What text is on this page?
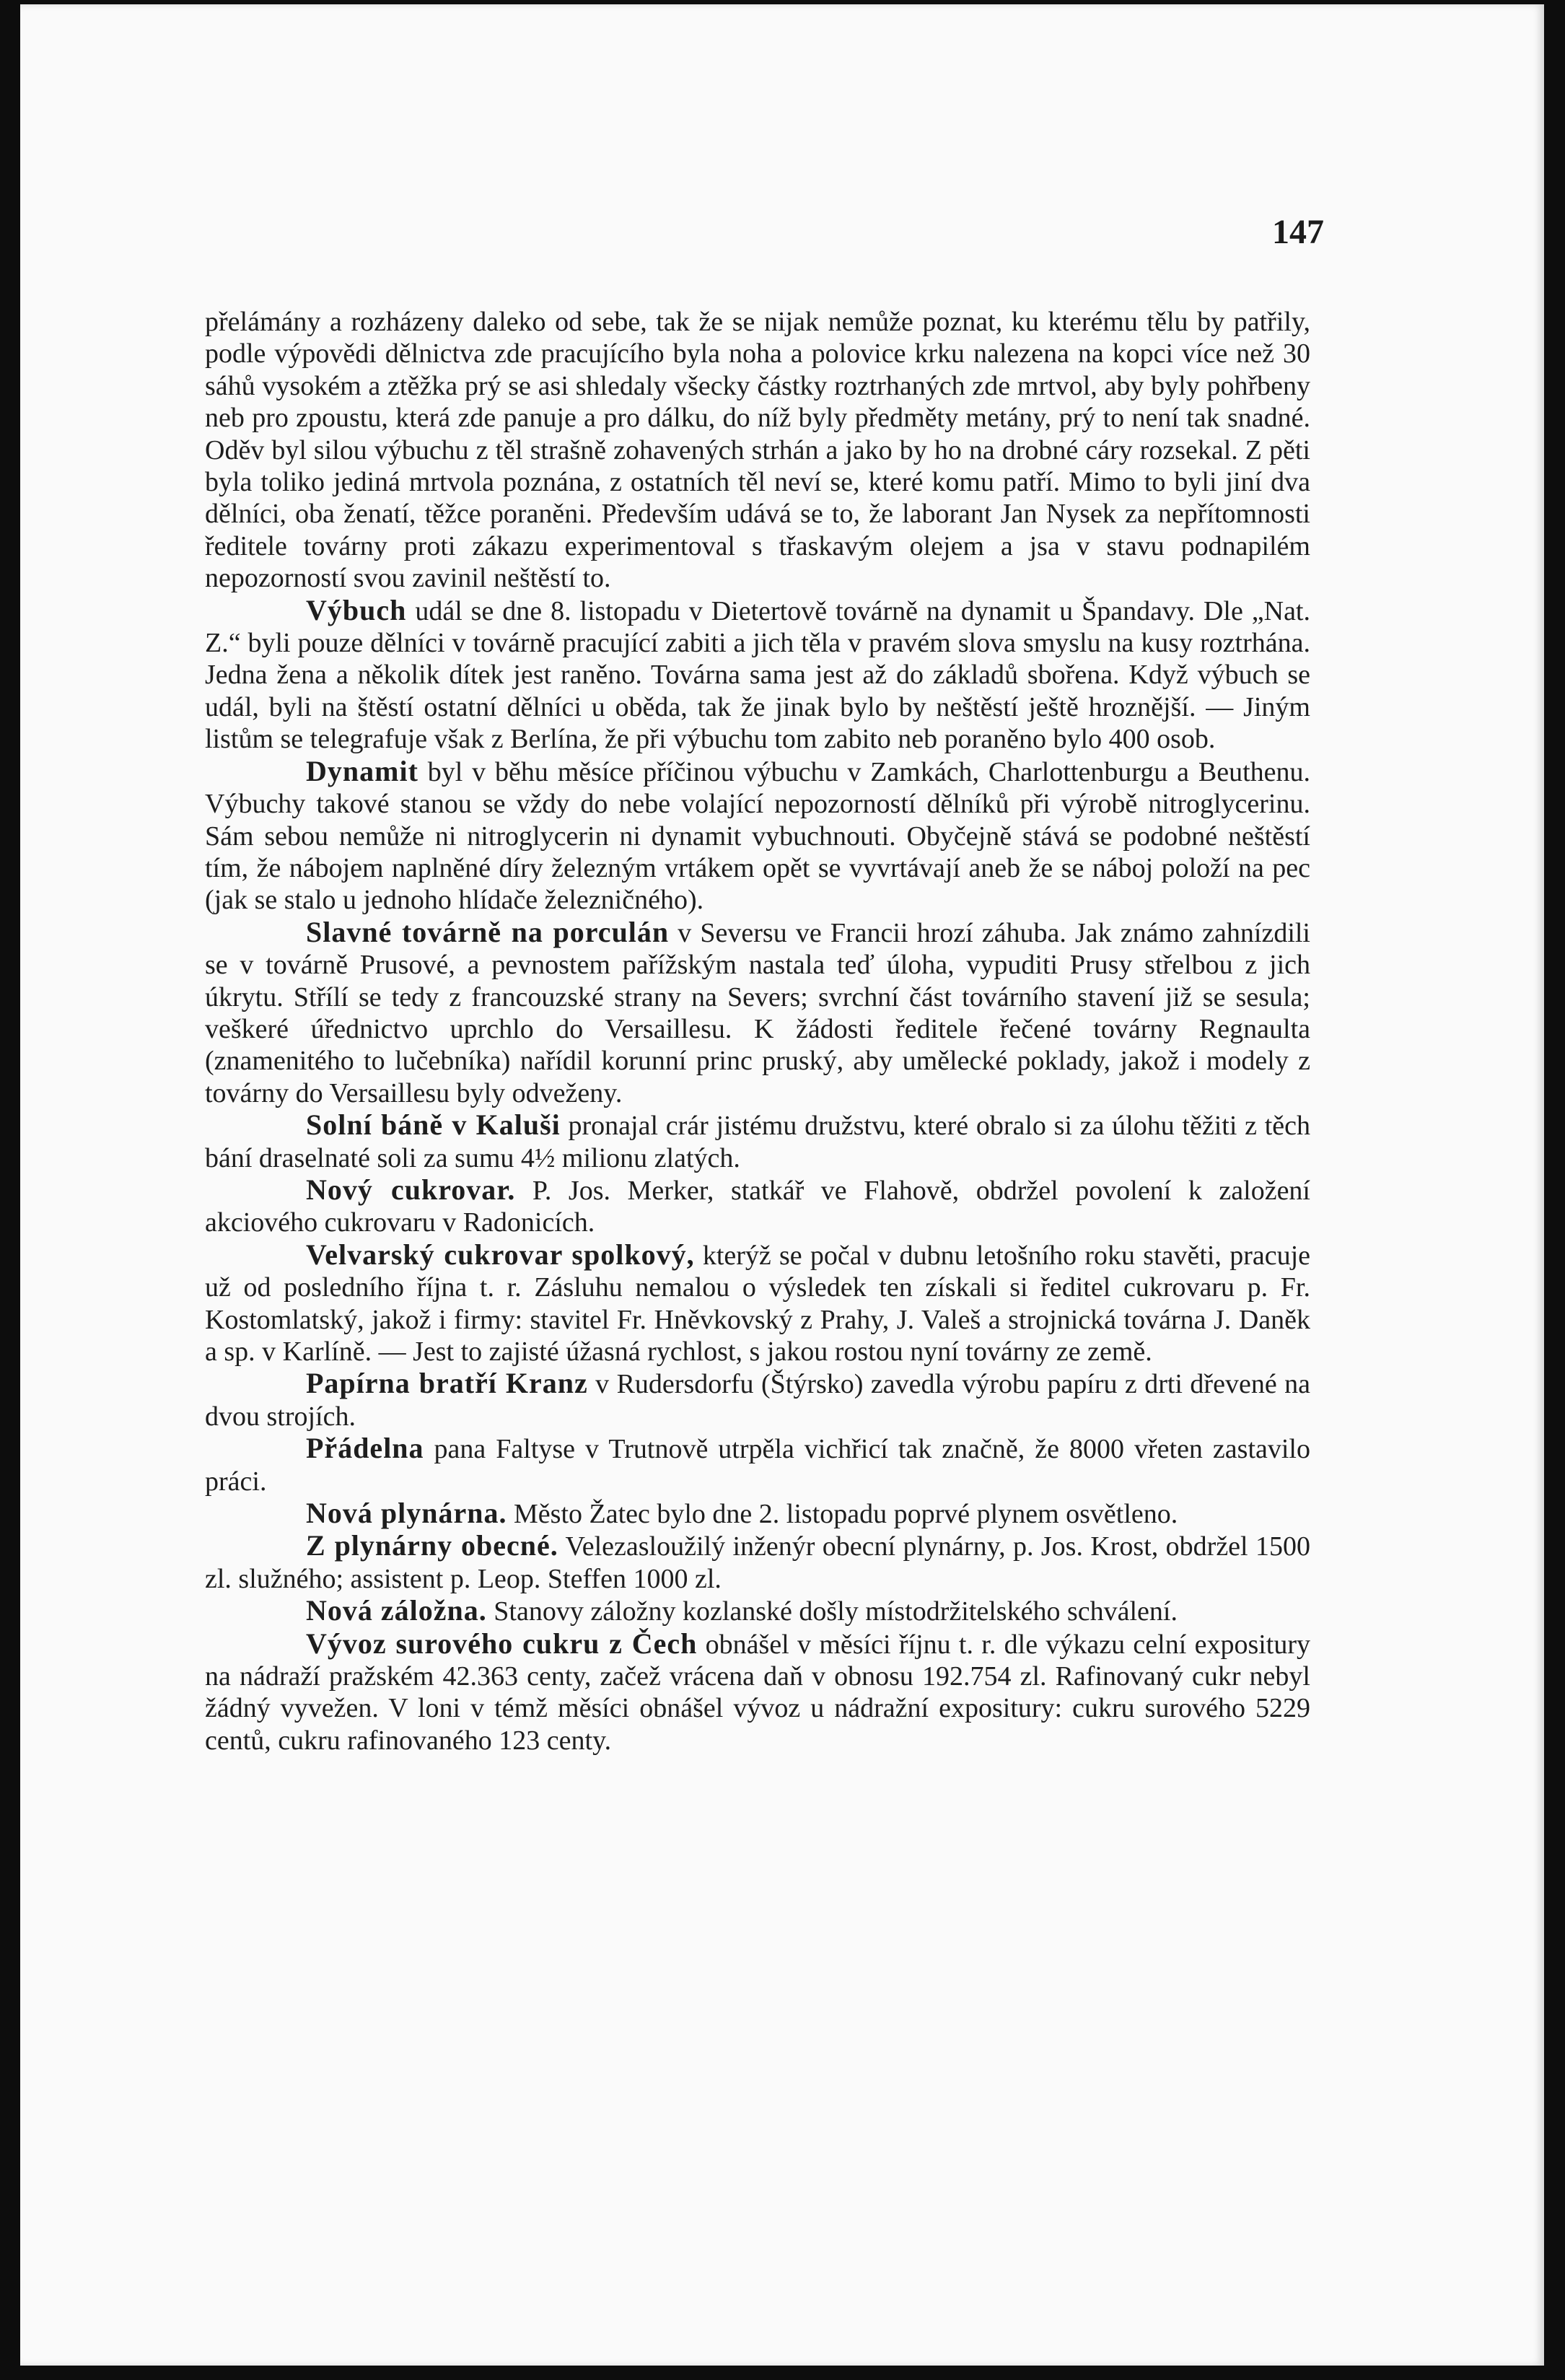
147

přelámány a rozházeny daleko od sebe, tak že se nijak nemůže poznat, ku kterému tělu by patřily, podle výpovědi dělnictva zde pracujícího byla noha a polovice krku nalezena na kopci více než 30 sáhů vysokém a ztěžka prý se asi shledaly všecky částky roztrhaných zde mrtvol, aby byly pohřbeny neb pro zpoustu, která zde panuje a pro dálku, do níž byly předměty metány, prý to není tak snadné. Oděv byl silou výbuchu z těl strašně zohavených strhán a jako by ho na drobné cáry rozsekal. Z pěti byla toliko jediná mrtvola poznána, z ostatních těl neví se, které komu patří. Mimo to byli jiní dva dělníci, oba ženatí, těžce poraněni. Především udává se to, že laborant Jan Nysek za nepřítomnosti ředitele továrny proti zákazu experimentoval s třaskavým olejem a jsa v stavu podnapilém nepozorností svou zavinil neštěstí to.

Výbuch udál se dne 8. listopadu v Dietertově továrně na dynamit u Špandavy. Dle „Nat. Z.“ byli pouze dělníci v továrně pracující zabiti a jich těla v pravém slova smyslu na kusy roztrhána. Jedna žena a několik dítek jest raněno. Továrna sama jest až do základů sbořena. Když výbuch se udál, byli na štěstí ostatní dělníci u oběda, tak že jinak bylo by neštěstí ještě hroznější. — Jiným listům se telegrafuje však z Berlína, že při výbuchu tom zabito neb poraněno bylo 400 osob.

Dynamit byl v běhu měsíce příčinou výbuchu v Zamkách, Charlottenburgu a Beuthenu. Výbuchy takové stanou se vždy do nebe volající nepozorností dělníků při výrobě nitroglycerinu. Sám sebou nemůže ni nitroglycerin ni dynamit vybuchnouti. Obyčejně stává se podobné neštěstí tím, že nábojem naplněné díry železným vrtákem opět se vyvrtávají aneb že se náboj položí na pec (jak se stalo u jednoho hlídače železničného).

Slavné továrně na porculán v Seversu ve Francii hrozí záhuba. Jak známo zahnízdili se v továrně Prusové, a pevnostem pařížským nastala teď úloha, vypuditi Prusy střelbou z jich úkrytu. Střílí se tedy z francouzské strany na Severs; svrchní část továrního stavení již se sesula; veškeré úřednictvo uprchlo do Versaillesu. K žádosti ředitele řečené továrny Regnaulta (znamenitého to lučebníka) nařídil korunní princ pruský, aby umělecké poklady, jakož i modely z továrny do Versaillesu byly odveženy.

Solní báně v Kaluši pronajal crár jistému družstvu, které obralo si za úlohu těžiti z těch bání draselnaté soli za sumu 4½ milionu zlatých.

Nový cukrovar. P. Jos. Merker, statkář ve Flahově, obdržel povolení k založení akciového cukrovaru v Radonicích.

Velvarský cukrovar spolkový, kterýž se počal v dubnu letošního roku stavěti, pracuje už od posledního října t. r. Zásluhu nemalou o výsledek ten získali si ředitel cukrovaru p. Fr. Kostomlatský, jakož i firmy: stavitel Fr. Hněvkovský z Prahy, J. Valeš a strojnická továrna J. Daněk a sp. v Karlíně. — Jest to zajisté úžasná rychlost, s jakou rostou nyní továrny ze země.

Papírna bratří Kranz v Rudersdorfu (Štýrsko) zavedla výrobu papíru z drti dřevené na dvou strojích.

Přádelna pana Faltyse v Trutnově utrpěla vichřicí tak značně, že 8000 vřeten zastavilo práci.

Nová plynárna. Město Žatec bylo dne 2. listopadu poprvé plynem osvětleno.

Z plynárny obecné. Velezasloužilý inženýr obecní plynárny, p. Jos. Krost, obdržel 1500 zl. služného; assistent p. Leop. Steffen 1000 zl.

Nová záložna. Stanovy záložny kozlanské došly místodržitelského schválení.

Vývoz surového cukru z Čech obnášel v měsíci říjnu t. r. dle výkazu celní expositury na nádraží pražském 42.363 centy, začež vrácena daň v obnosu 192.754 zl. Rafinovaný cukr nebyl žádný vyvežen. V loni v témž měsíci obnášel vývoz u nádražní expositury: cukru surového 5229 centů, cukru rafinovaného 123 centy.
